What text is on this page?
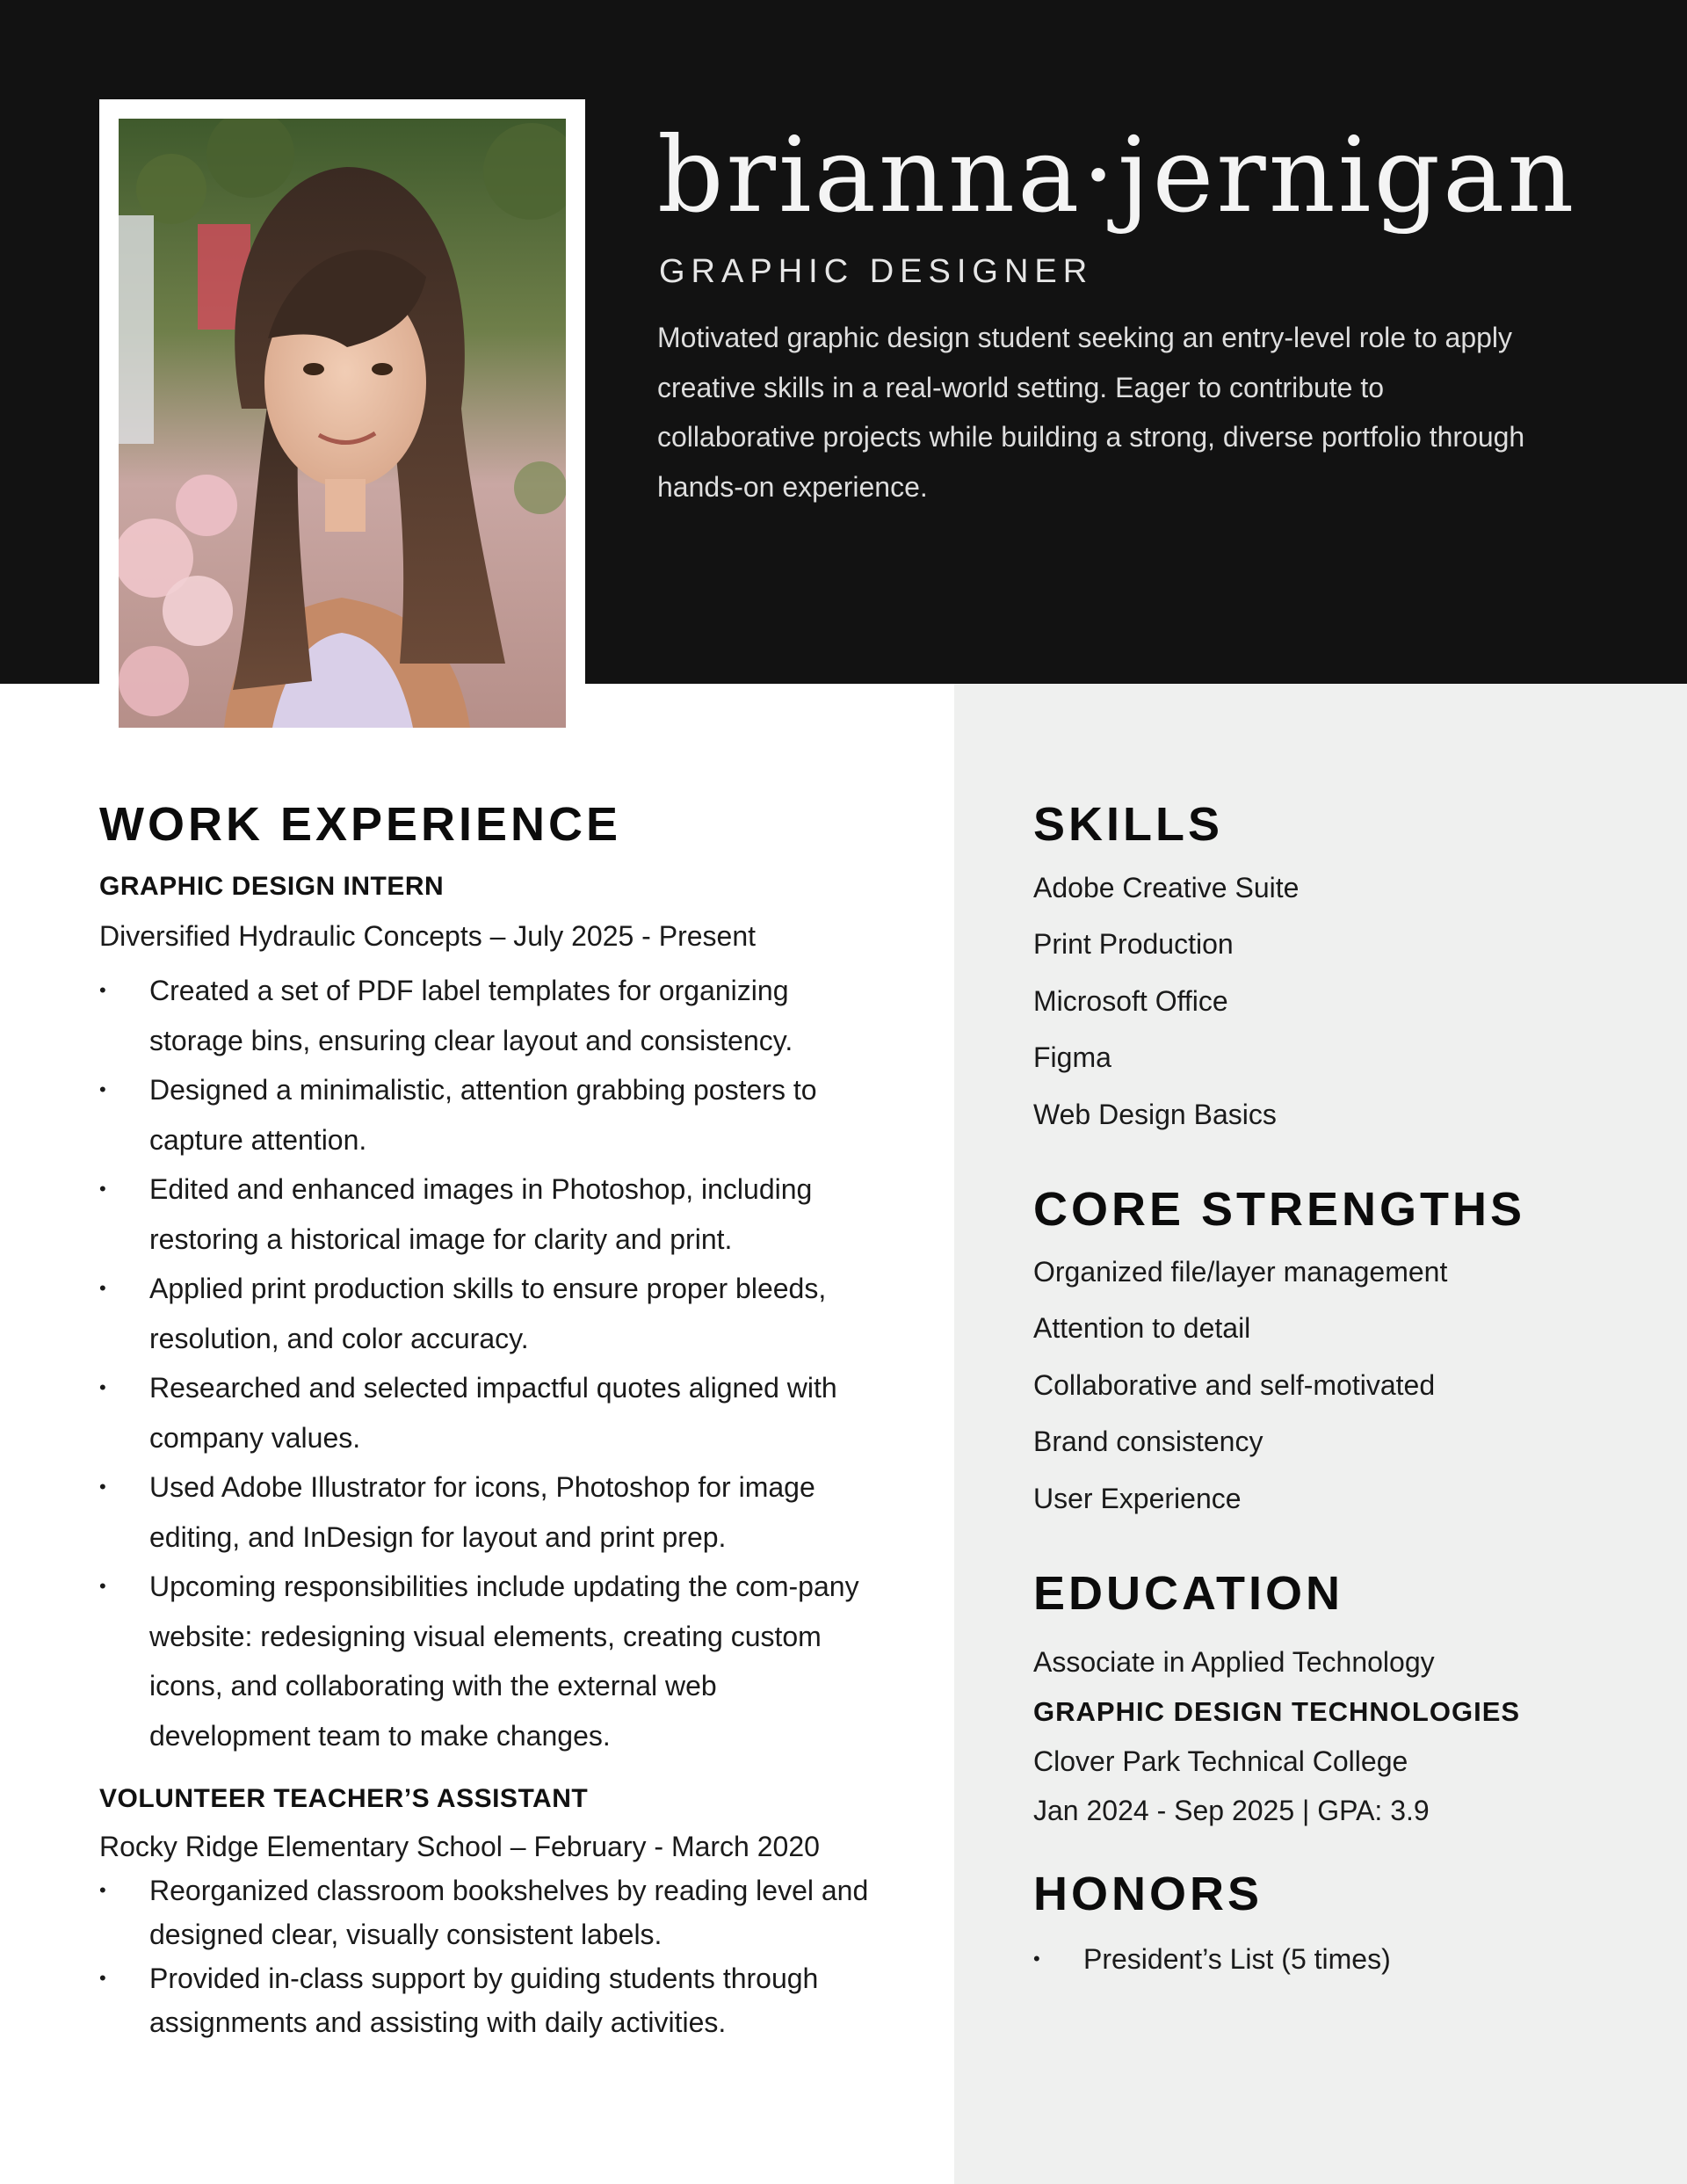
brianna·jernigan
GRAPHIC DESIGNER

Motivated graphic design student seeking an entry-level role to apply creative skills in a real-world setting. Eager to contribute to collaborative projects while building a strong, diverse portfolio through hands-on experience.

WORK EXPERIENCE
GRAPHIC DESIGN INTERN
Diversified Hydraulic Concepts – July 2025 - Present
• Created a set of PDF label templates for organizing storage bins, ensuring clear layout and consistency.
• Designed a minimalistic, attention grabbing posters to capture attention.
• Edited and enhanced images in Photoshop, including restoring a historical image for clarity and print.
• Applied print production skills to ensure proper bleeds, resolution, and color accuracy.
• Researched and selected impactful quotes aligned with company values.
• Used Adobe Illustrator for icons, Photoshop for image editing, and InDesign for layout and print prep.
• Upcoming responsibilities include updating the com-pany website: redesigning visual elements, creating custom icons, and collaborating with the external web development team to make changes.
VOLUNTEER TEACHER’S ASSISTANT
Rocky Ridge Elementary School – February - March 2020
• Reorganized classroom bookshelves by reading level and designed clear, visually consistent labels.
• Provided in-class support by guiding students through assignments and assisting with daily activities.
SKILLS
Adobe Creative Suite
Print Production
Microsoft Office
Figma
Web Design Basics
CORE STRENGTHS
Organized file/layer management
Attention to detail
Collaborative and self-motivated
Brand consistency
User Experience
EDUCATION
Associate in Applied Technology
GRAPHIC DESIGN TECHNOLOGIES
Clover Park Technical College
Jan 2024 - Sep 2025 | GPA: 3.9
HONORS
• President’s List (5 times)
